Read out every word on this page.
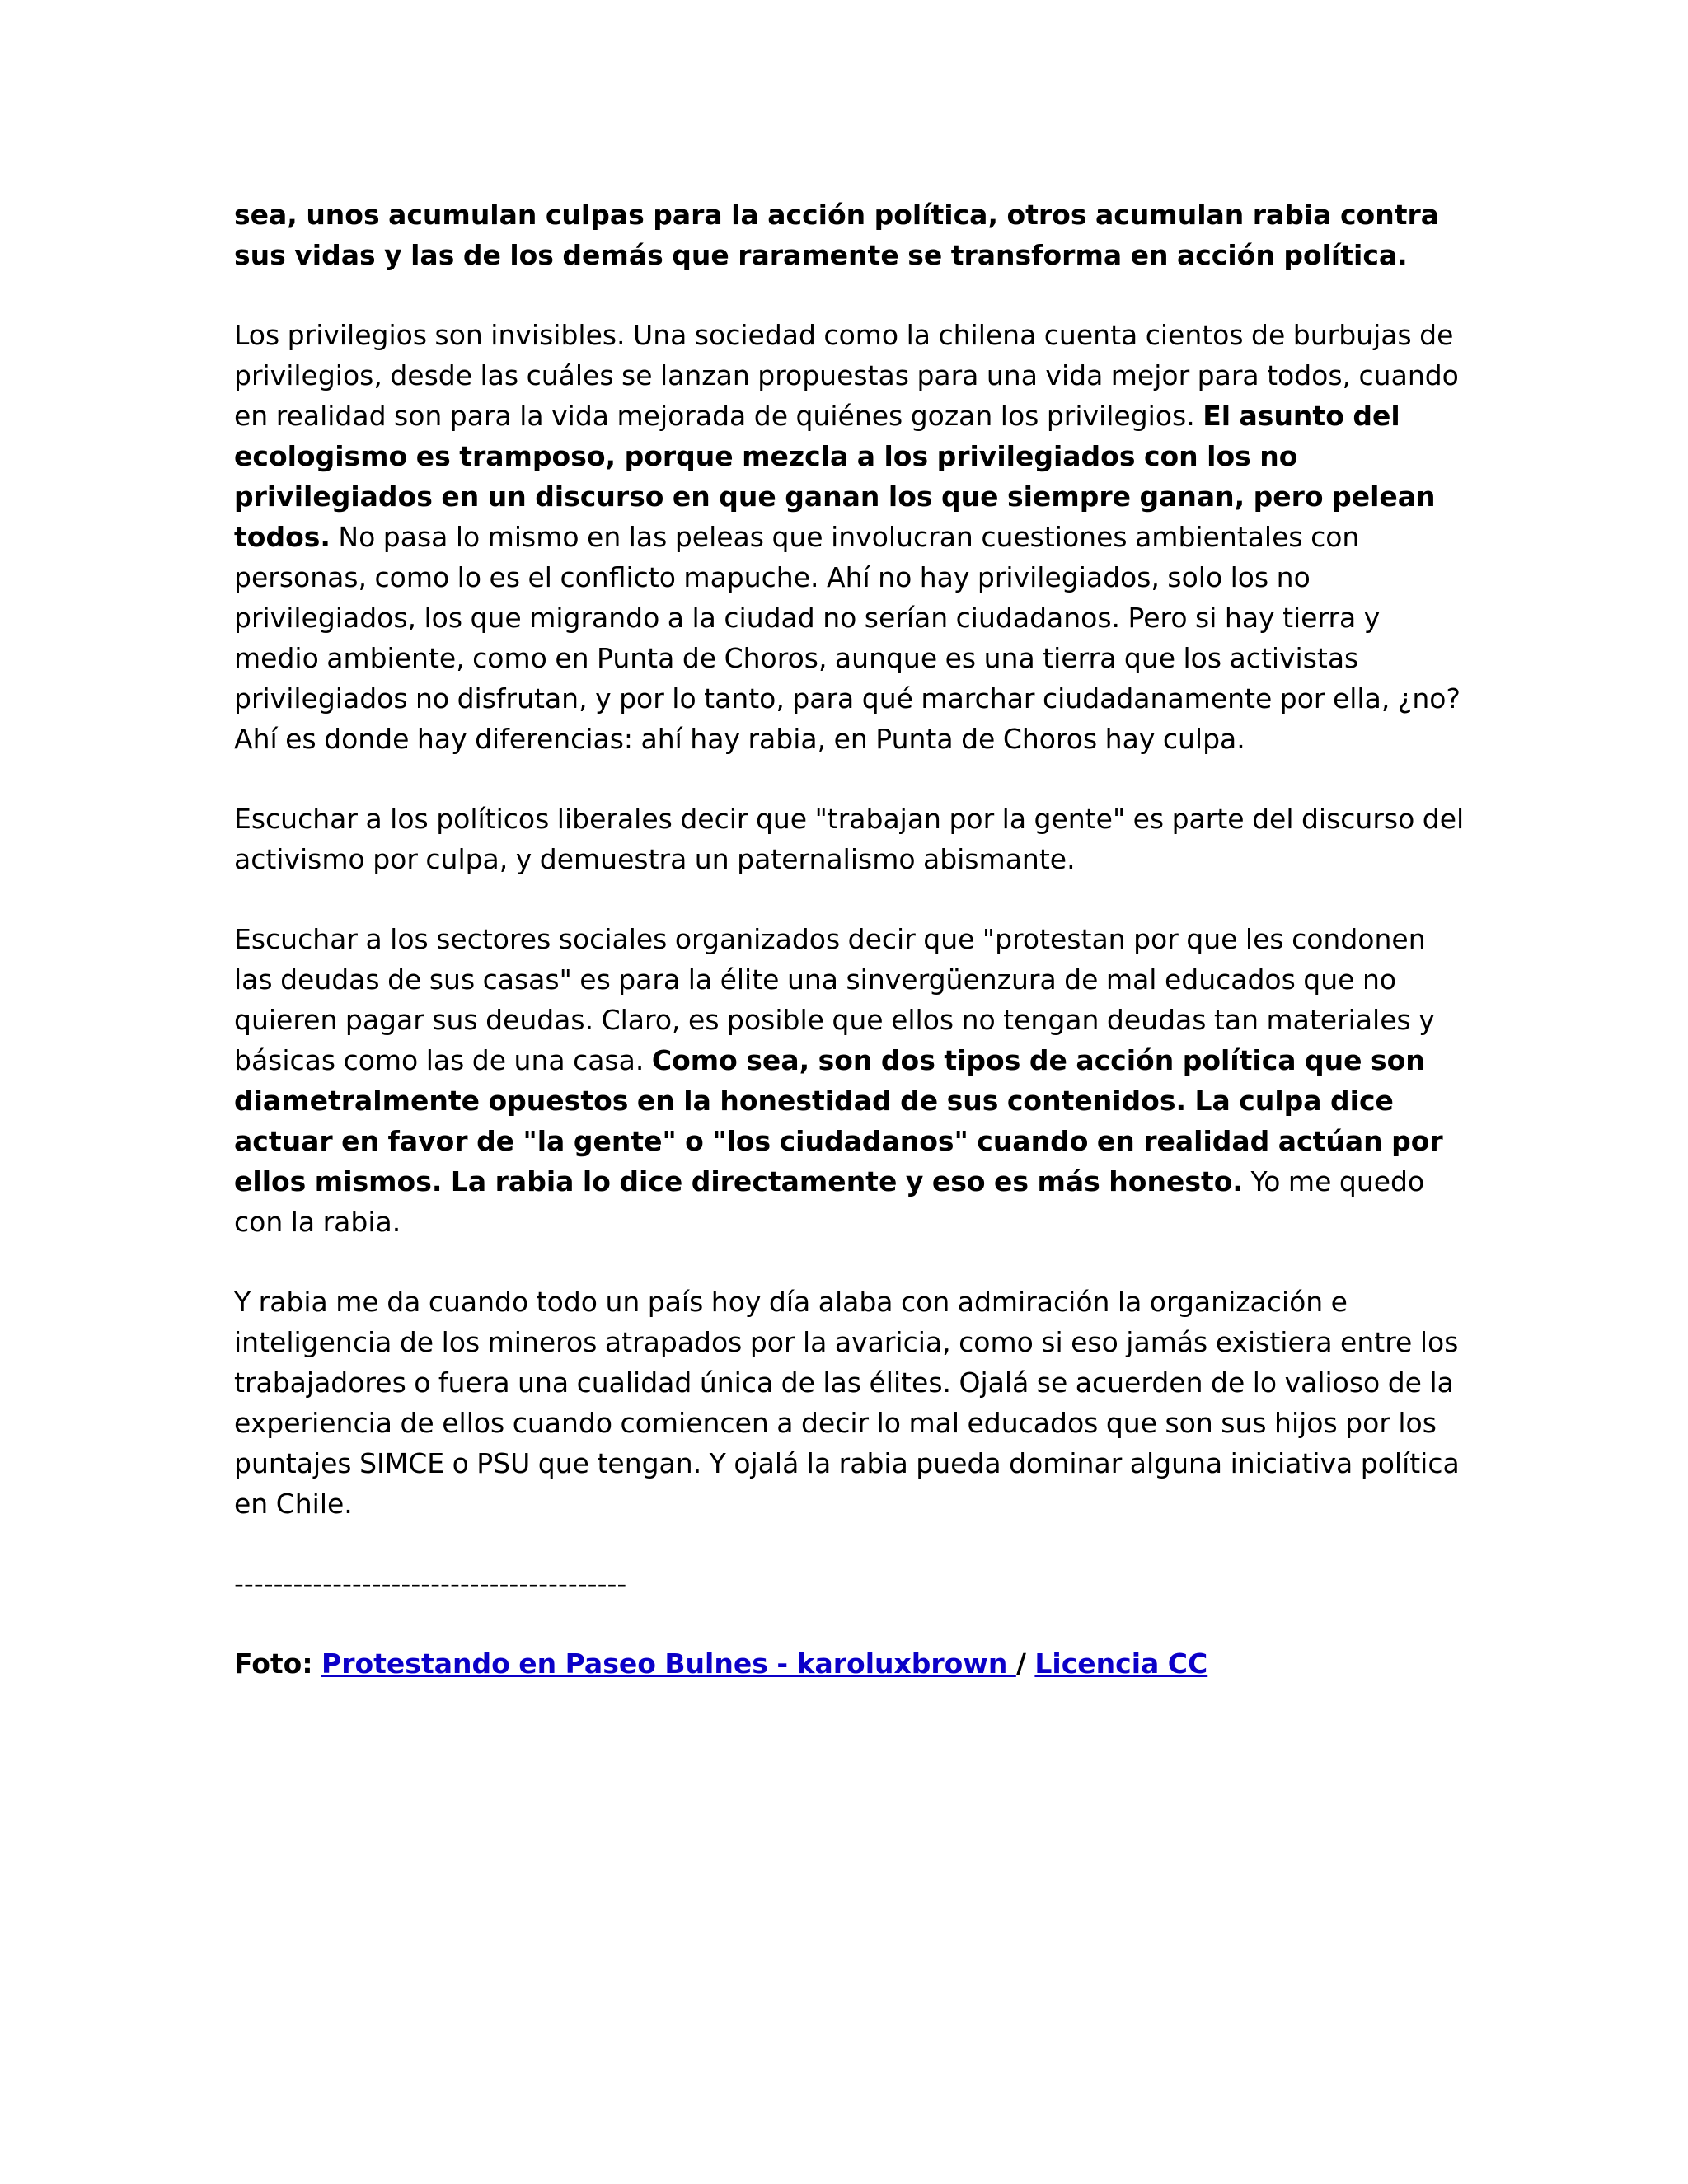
sea, unos acumulan culpas para la acción política, otros acumulan rabia contra sus vidas y las de los demás que raramente se transforma en acción política.

Los privilegios son invisibles. Una sociedad como la chilena cuenta cientos de burbujas de privilegios, desde las cuáles se lanzan propuestas para una vida mejor para todos, cuando en realidad son para la vida mejorada de quiénes gozan los privilegios. El asunto del ecologismo es tramposo, porque mezcla a los privilegiados con los no privilegiados en un discurso en que ganan los que siempre ganan, pero pelean todos. No pasa lo mismo en las peleas que involucran cuestiones ambientales con personas, como lo es el conflicto mapuche. Ahí no hay privilegiados, solo los no privilegiados, los que migrando a la ciudad no serían ciudadanos. Pero si hay tierra y medio ambiente, como en Punta de Choros, aunque es una tierra que los activistas privilegiados no disfrutan, y por lo tanto, para qué marchar ciudadanamente por ella, ¿no? Ahí es donde hay diferencias: ahí hay rabia, en Punta de Choros hay culpa.

Escuchar a los políticos liberales decir que "trabajan por la gente" es parte del discurso del activismo por culpa, y demuestra un paternalismo abismante.

Escuchar a los sectores sociales organizados decir que "protestan por que les condonen las deudas de sus casas" es para la élite una sinvergüenzura de mal educados que no quieren pagar sus deudas. Claro, es posible que ellos no tengan deudas tan materiales y básicas como las de una casa. Como sea, son dos tipos de acción política que son diametralmente opuestos en la honestidad de sus contenidos. La culpa dice actuar en favor de "la gente" o "los ciudadanos" cuando en realidad actúan por ellos mismos. La rabia lo dice directamente y eso es más honesto. Yo me quedo con la rabia.

Y rabia me da cuando todo un país hoy día alaba con admiración la organización e inteligencia de los mineros atrapados por la avaricia, como si eso jamás existiera entre los trabajadores o fuera una cualidad única de las élites. Ojalá se acuerden de lo valioso de la experiencia de ellos cuando comiencen a decir lo mal educados que son sus hijos por los puntajes SIMCE o PSU que tengan. Y ojalá la rabia pueda dominar alguna iniciativa política en Chile.

----------------------------------------
Foto: Protestando en Paseo Bulnes - karoluxbrown / Licencia CC
